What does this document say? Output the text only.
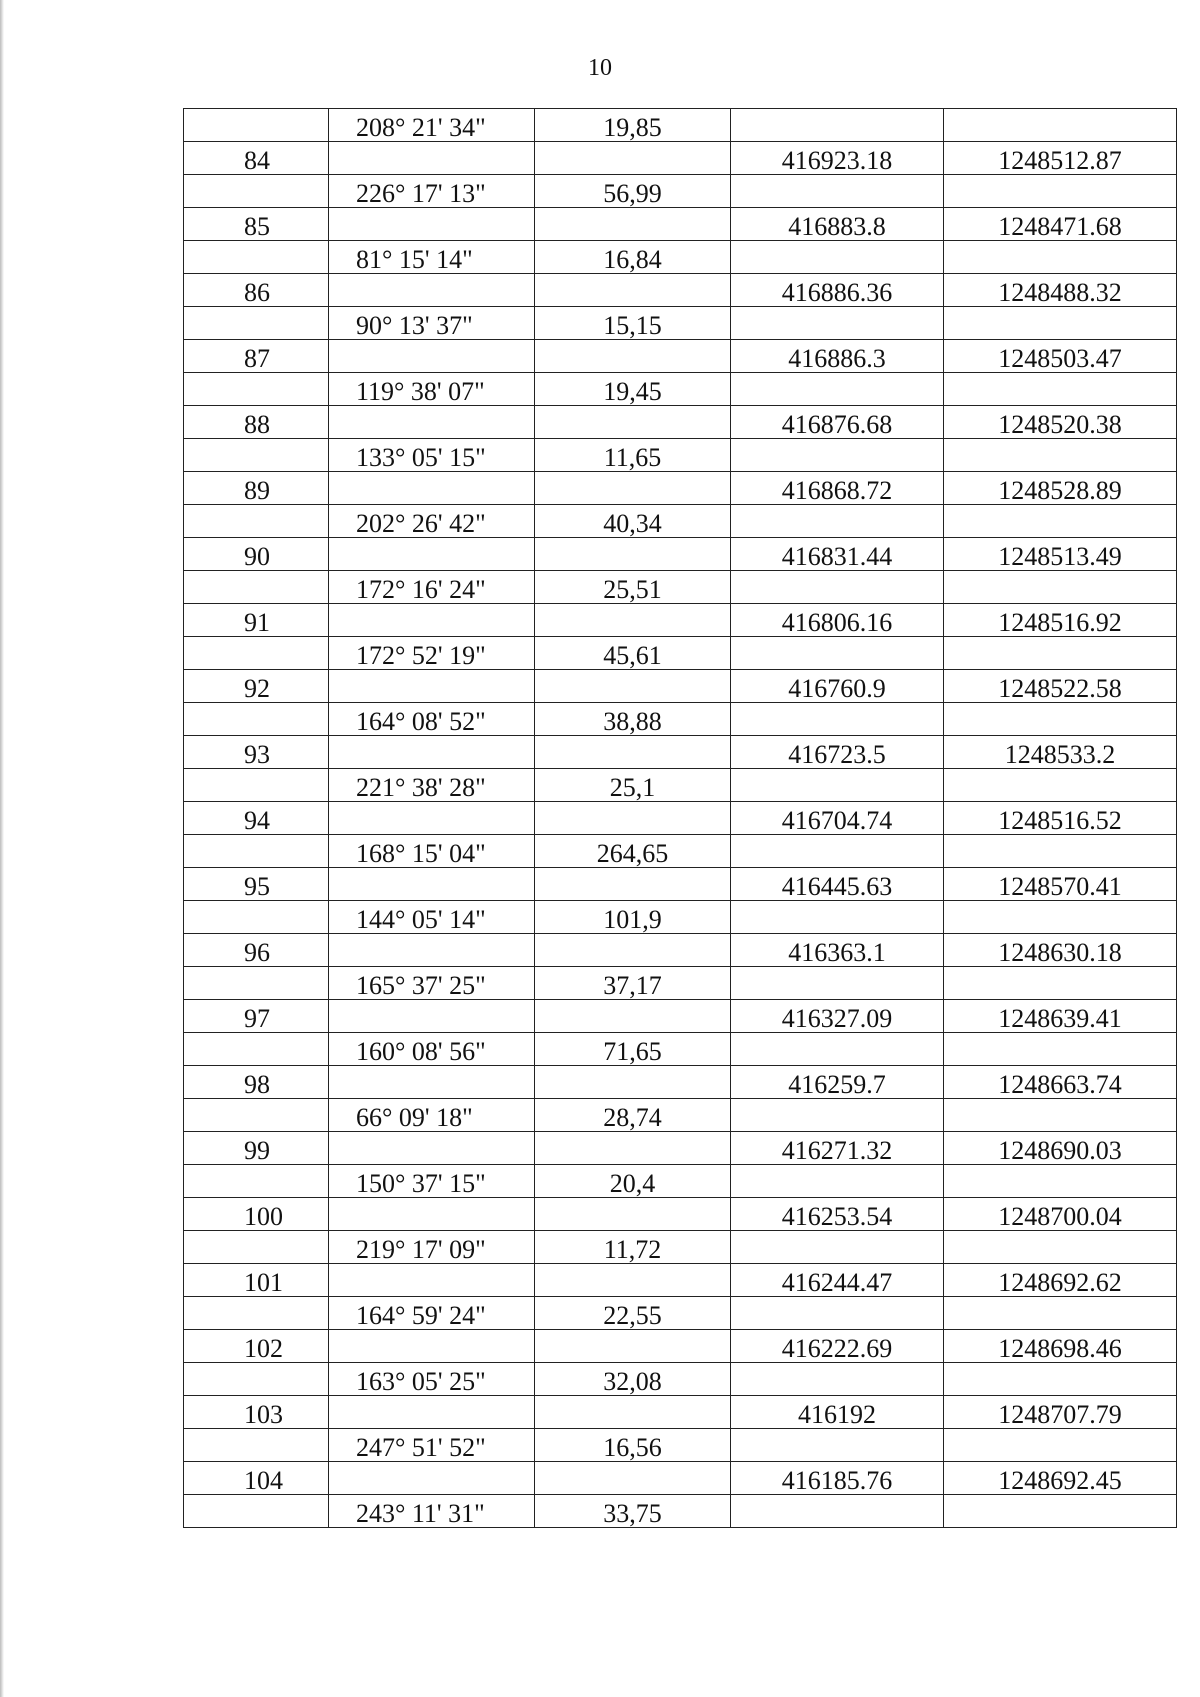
10
	208° 21' 34"	19,85		
84			416923.18	1248512.87
	226° 17' 13"	56,99		
85			416883.8	1248471.68
	81° 15' 14"	16,84		
86			416886.36	1248488.32
	90° 13' 37"	15,15		
87			416886.3	1248503.47
	119° 38' 07"	19,45		
88			416876.68	1248520.38
	133° 05' 15"	11,65		
89			416868.72	1248528.89
	202° 26' 42"	40,34		
90			416831.44	1248513.49
	172° 16' 24"	25,51		
91			416806.16	1248516.92
	172° 52' 19"	45,61		
92			416760.9	1248522.58
	164° 08' 52"	38,88		
93			416723.5	1248533.2
	221° 38' 28"	25,1		
94			416704.74	1248516.52
	168° 15' 04"	264,65		
95			416445.63	1248570.41
	144° 05' 14"	101,9		
96			416363.1	1248630.18
	165° 37' 25"	37,17		
97			416327.09	1248639.41
	160° 08' 56"	71,65		
98			416259.7	1248663.74
	66° 09' 18"	28,74		
99			416271.32	1248690.03
	150° 37' 15"	20,4		
100			416253.54	1248700.04
	219° 17' 09"	11,72		
101			416244.47	1248692.62
	164° 59' 24"	22,55		
102			416222.69	1248698.46
	163° 05' 25"	32,08		
103			416192	1248707.79
	247° 51' 52"	16,56		
104			416185.76	1248692.45
	243° 11' 31"	33,75		
